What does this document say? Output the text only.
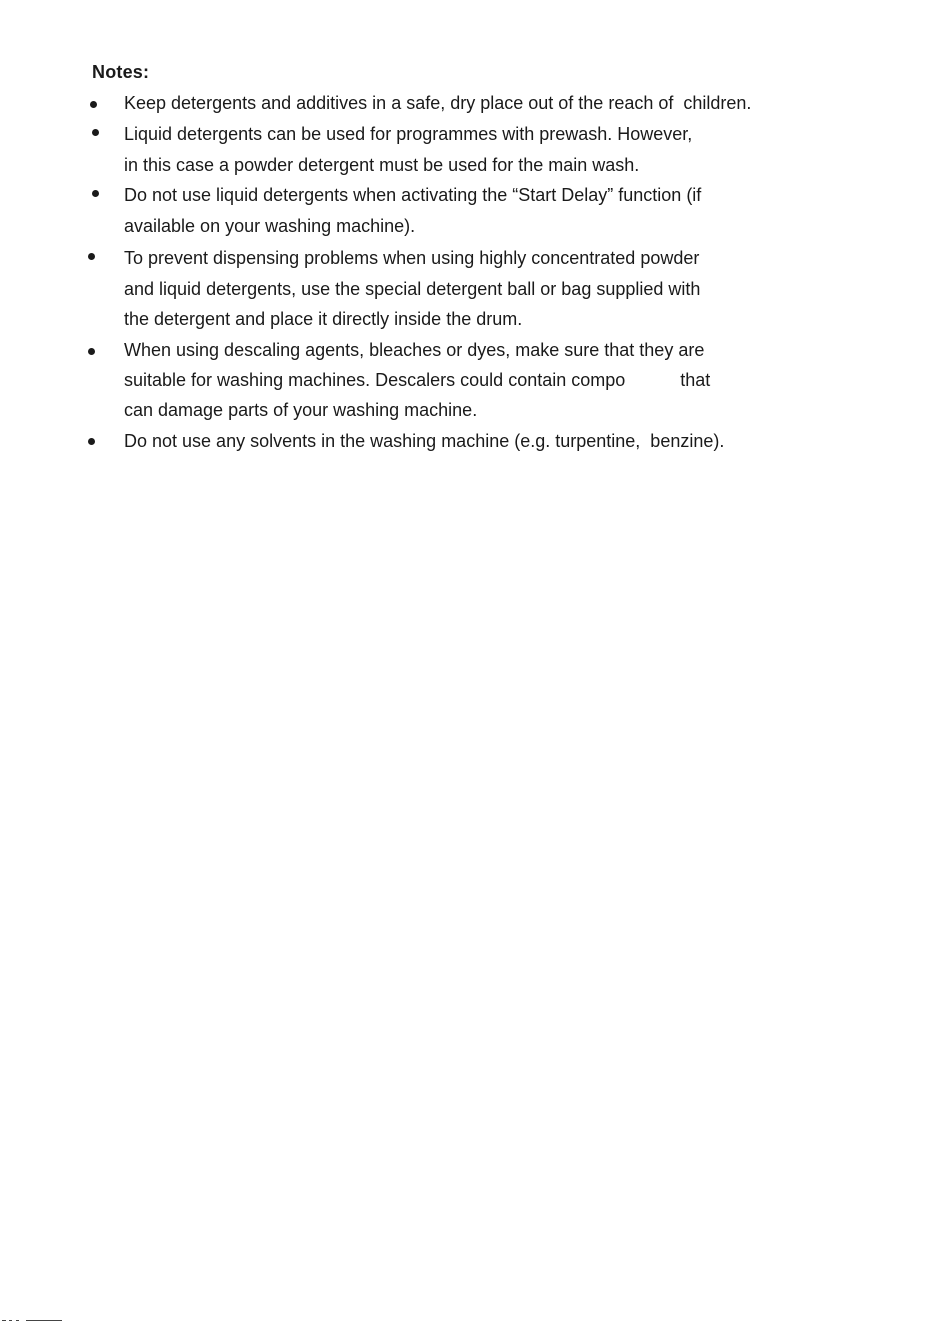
Notes:
Keep detergents and additives in a safe, dry place out of the reach of  children.
Liquid detergents can be used for programmes with prewash. However,
in this case a powder detergent must be used for the main wash.
Do not use liquid detergents when activating the “Start Delay” function (if
available on your washing machine).
To prevent dispensing problems when using highly concentrated powder
and liquid detergents, use the special detergent ball or bag supplied with
the detergent and place it directly inside the drum.
When using descaling agents, bleaches or dyes, make sure that they are
suitable for washing machines. Descalers could contain compo           that
can damage parts of your washing machine.
Do not use any solvents in the washing machine (e.g. turpentine,  benzine).
